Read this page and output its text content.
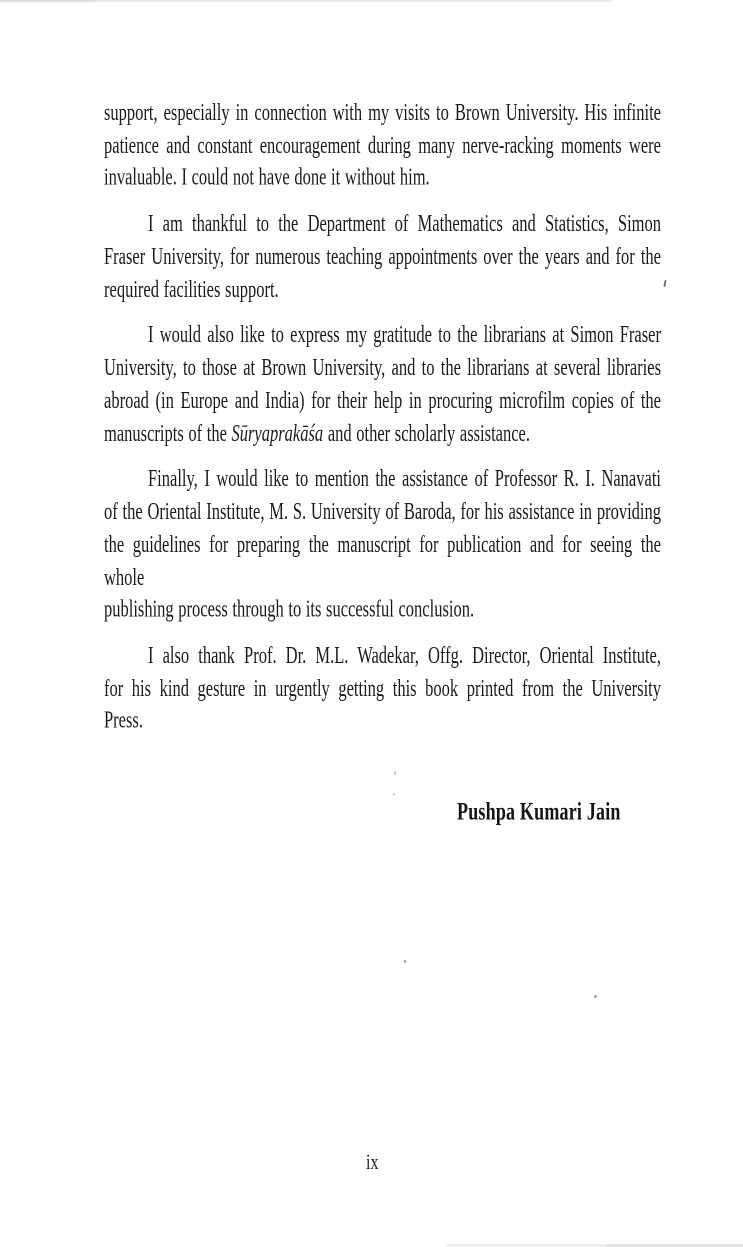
support, especially in connection with my visits to Brown University. His infinite
patience and constant encouragement during many nerve-racking moments were
invaluable. I could not have done it without him.
I am thankful to the Department of Mathematics and Statistics, Simon
Fraser University, for numerous teaching appointments over the years and for the
required facilities support.
I would also like to express my gratitude to the librarians at Simon Fraser
University, to those at Brown University, and to the librarians at several libraries
abroad (in Europe and India) for their help in procuring microfilm copies of the
manuscripts of the Sūryaprakāśa and other scholarly assistance.
Finally, I would like to mention the assistance of Professor R. I. Nanavati
of the Oriental Institute, M. S. University of Baroda, for his assistance in providing
the guidelines for preparing the manuscript for publication and for seeing the whole
publishing process through to its successful conclusion.
I also thank Prof. Dr. M.L. Wadekar, Offg. Director, Oriental Institute,
for his kind gesture in urgently getting this book printed from the University
Press.
Pushpa Kumari Jain
ix
